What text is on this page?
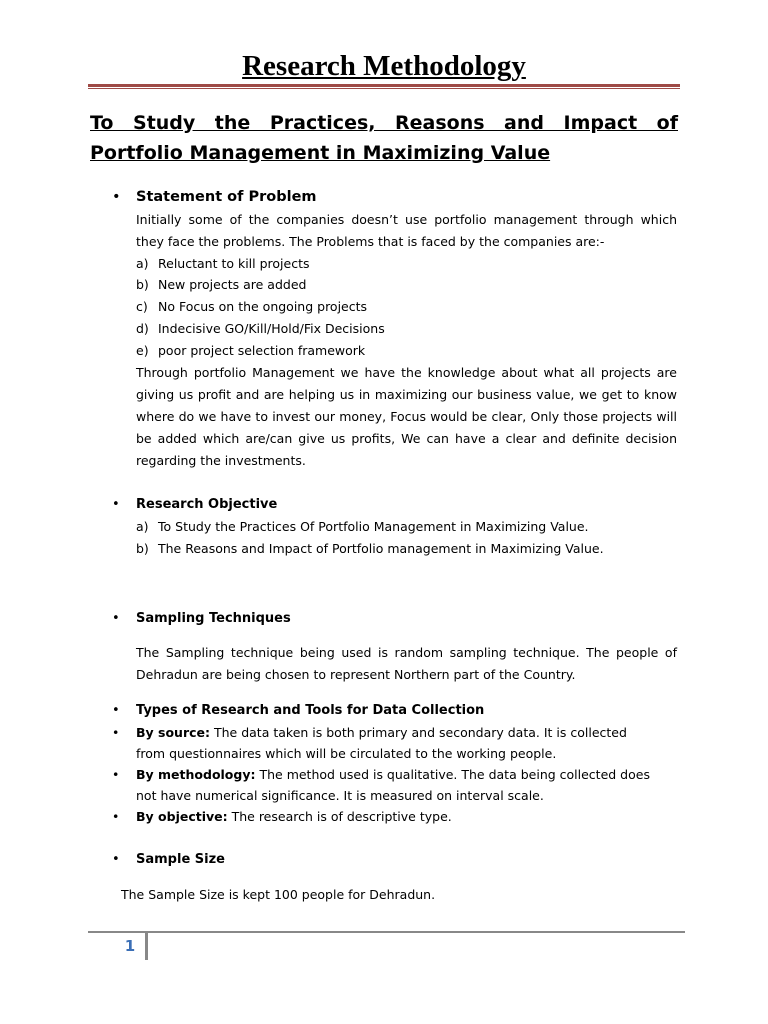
Research Methodology
To Study the Practices, Reasons and Impact of Portfolio Management in Maximizing Value
• Statement of Problem
Initially some of the companies doesn’t use portfolio management through which they face the problems. The Problems that is faced by the companies are:-
a) Reluctant to kill projects
b) New projects are added
c) No Focus on the ongoing projects
d) Indecisive GO/Kill/Hold/Fix Decisions
e) poor project selection framework
Through portfolio Management we have the knowledge about what all projects are giving us profit and are helping us in maximizing our business value, we get to know where do we have to invest our money, Focus would be clear, Only those projects will be added which are/can give us profits, We can have a clear and definite decision regarding the investments.
• Research Objective
a) To Study the Practices Of Portfolio Management in Maximizing Value.
b) The Reasons and Impact of Portfolio management in Maximizing Value.
• Sampling Techniques
The Sampling technique being used is random sampling technique. The people of Dehradun are being chosen to represent Northern part of the Country.
• Types of Research and Tools for Data Collection
• By source: The data taken is both primary and secondary data. It is collected from questionnaires which will be circulated to the working people.
• By methodology: The method used is qualitative. The data being collected does not have numerical significance. It is measured on interval scale.
• By objective: The research is of descriptive type.
• Sample Size
The Sample Size is kept 100 people for Dehradun.
1
